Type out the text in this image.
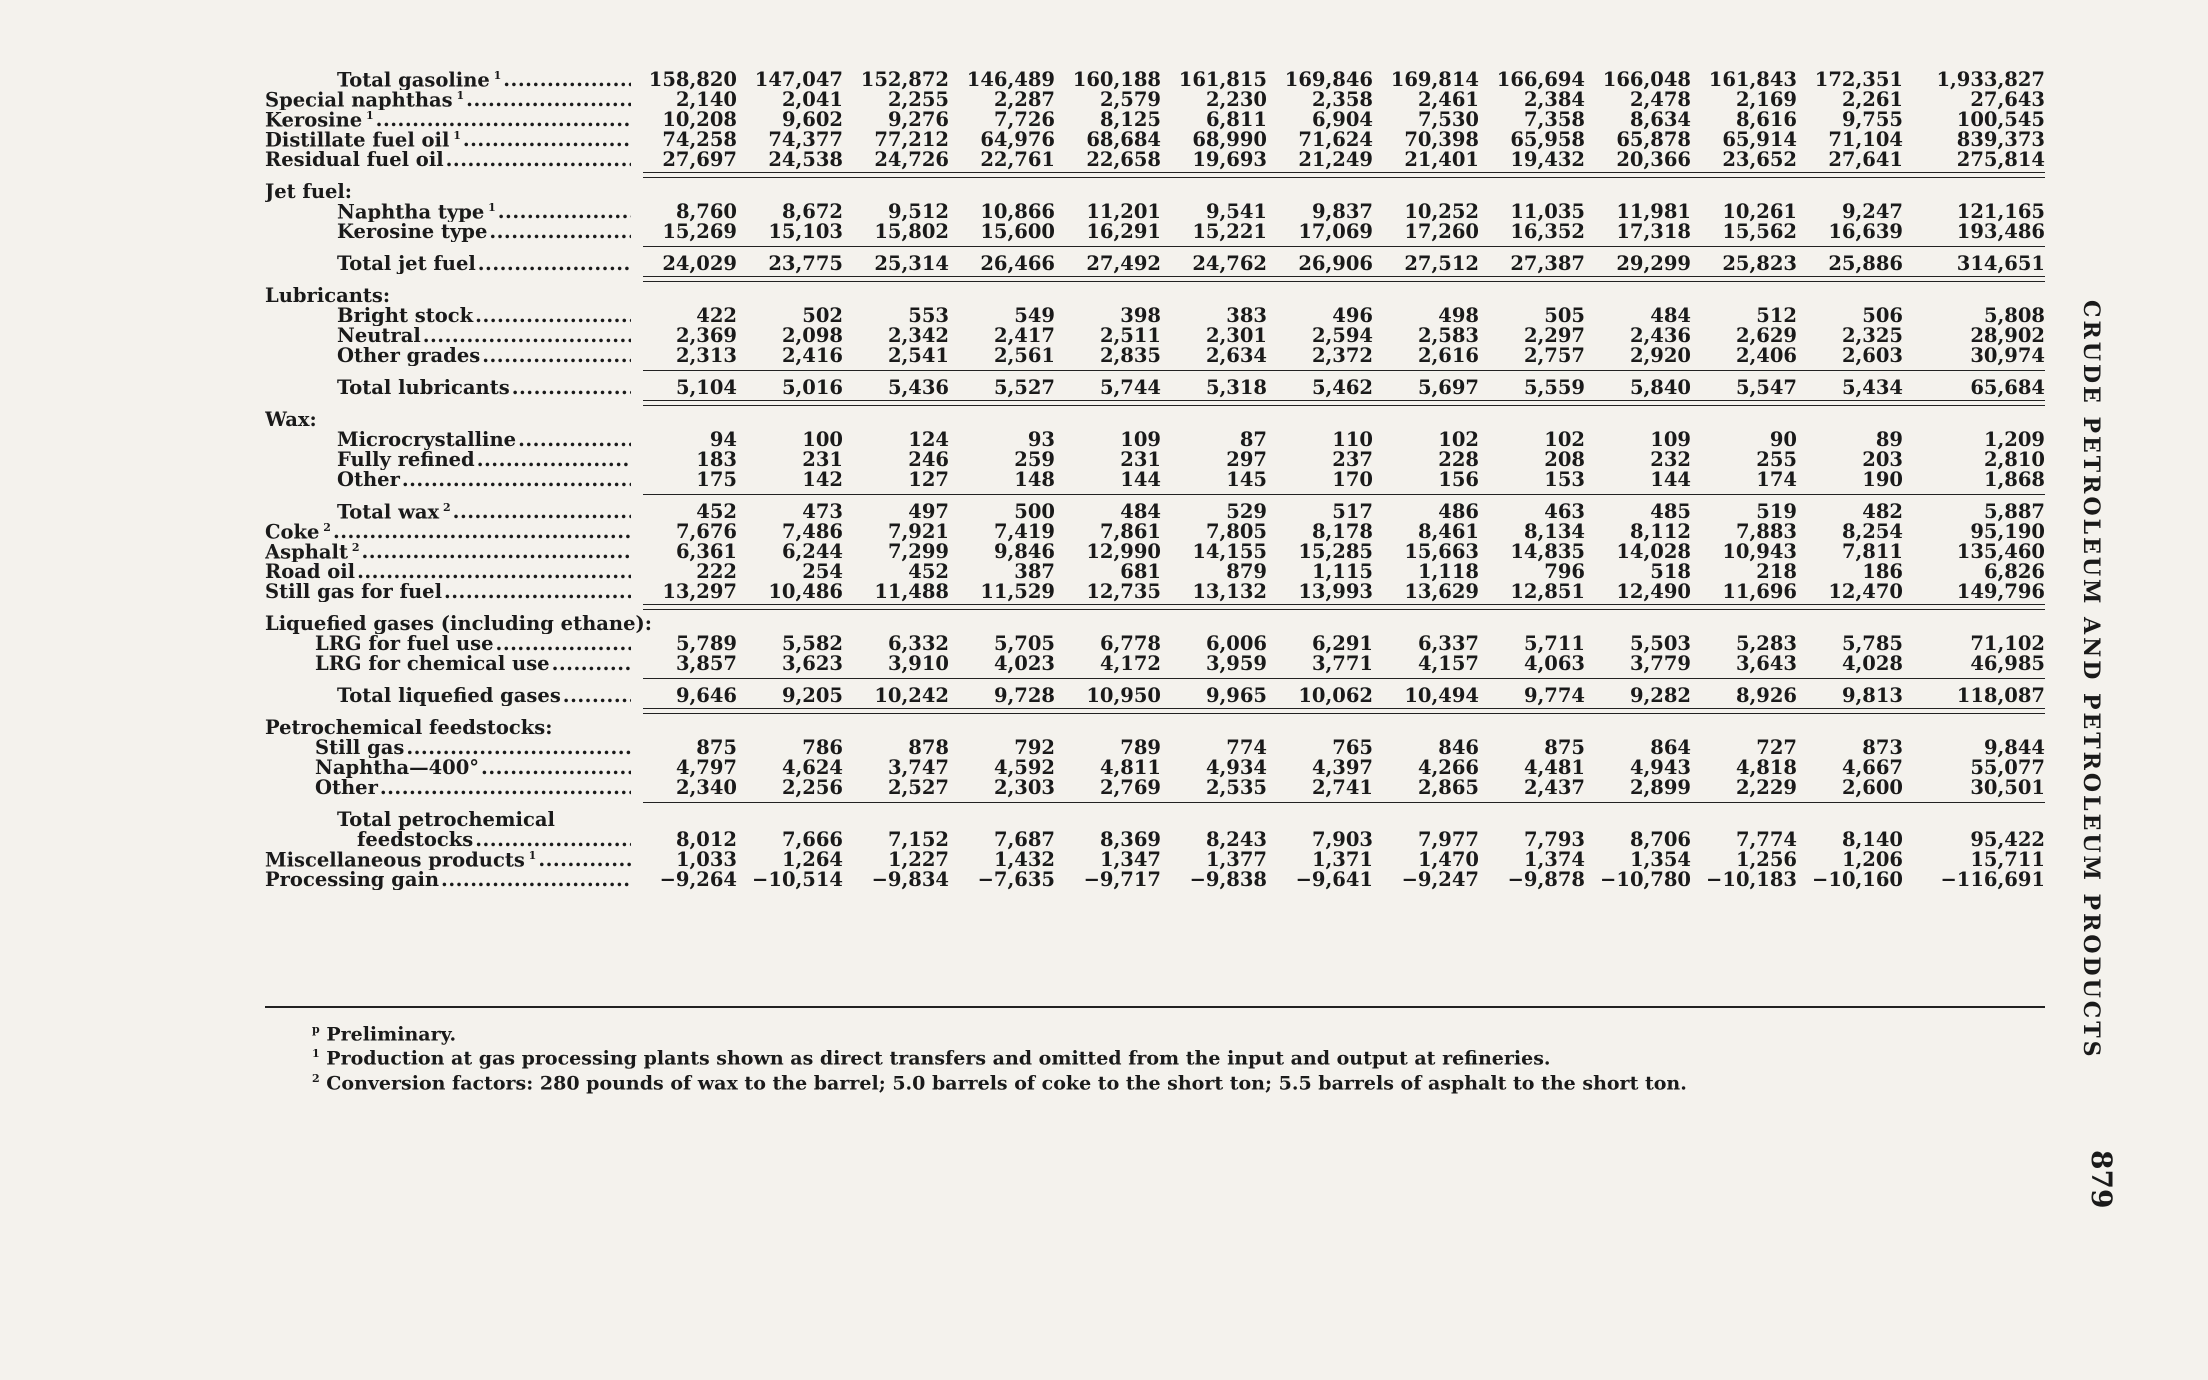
Total gasoline $^1$ .....	158,820 147,047 152,872 146,489 160,188 161,815 169,846 169,814 166,694 166,048 161,843 172,351	1,933,827
Special naphthas $^1$ .....	2,140	2,041	2,255	2,287	2,579	2,230	2,358	2,461	2,384	2,478	2,169	2,261	27,643
Kerosine $^1$ .....	10,208	9,602	9,276	7,726	8,125	6,811	6,904	7,530	7,358	8,634	8,616	9,755	100,545
Distillate fuel oil $^1$ .....	74,258	74,377	77,212	64,976	68,684	68,990	71,624	70,398	65,958	65,878	65,914	71,104	839,373
Residual fuel oil .....	27,697	24,538	24,726	22,761	22,658	19,693	21,249	21,401	19,432	20,366	23,652	27,641	275,814
Jet fuel:
Naphtha type $^1$ .....	8,760	8,672	9,512	10,866	11,201	9,541	9,837	10,252	11,035	11,981	10,261	9,247	121,165
Kerosine type .....	15,269	15,103	15,802	15,600	16,291	15,221	17,069	17,260	16,352	17,318	15,562	16,639	193,486
Total jet fuel .....	24,029	23,775	25,314	26,466	27,492	24,762	26,906	27,512	27,387	29,299	25,823	25,886	314,651
Lubricants:
Bright stock .....	422	502	553	549	398	383	496	498	505	484	512	506	5,808
Neutral .....	2,369	2,098	2,342	2,417	2,511	2,301	2,594	2,583	2,297	2,436	2,629	2,325	28,902
Other grades .....	2,313	2,416	2,541	2,561	2,835	2,634	2,372	2,616	2,757	2,920	2,406	2,603	30,974
Total lubricants .....	5,104	5,016	5,436	5,527	5,744	5,318	5,462	5,697	5,559	5,840	5,547	5,434	65,684
Wax:
Microcrystalline .....	94	100	124	93	109	87	110	102	102	109	90	89	1,209
Fully refined .....	183	231	246	259	231	297	237	228	208	232	255	203	2,810
Other .....	175	142	127	148	144	145	170	156	153	144	174	190	1,868
Total wax $^2$ .....	452	473	497	500	484	529	517	486	463	485	519	482	5,887
Coke $^2$ .....	7,676	7,486	7,921	7,419	7,861	7,805	8,178	8,461	8,134	8,112	7,883	8,254	95,190
Asphalt $^2$ .....	6,361	6,244	7,299	9,846	12,990	14,155	15,285	15,663	14,835	14,028	10,943	7,811	135,460
Road oil .....	222	254	452	387	681	879	1,115	1,118	796	518	218	186	6,826
Still gas for fuel .....	13,297	10,486	11,488	11,529	12,735	13,132	13,993	13,629	12,851	12,490	11,696	12,470	149,796
Liquefied gases (including ethane):
LRG for fuel use .....	5,789	5,582	6,332	5,705	6,778	6,006	6,291	6,337	5,711	5,503	5,283	5,785	71,102
LRG for chemical use .....	3,857	3,623	3,910	4,023	4,172	3,959	3,771	4,157	4,063	3,779	3,643	4,028	46,985
Total liquefied gases .....	9,646	9,205	10,242	9,728	10,950	9,965	10,062	10,494	9,774	9,282	8,926	9,813	118,087
Petrochemical feedstocks:
Still gas .....	875	786	878	792	789	774	765	846	875	864	727	873	9,844
Naphtha—400° .....	4,797	4,624	3,747	4,592	4,811	4,934	4,397	4,266	4,481	4,943	4,818	4,667	55,077
Other .....	2,340	2,256	2,527	2,303	2,769	2,535	2,741	2,865	2,437	2,899	2,229	2,600	30,501
Total petrochemical
feedstocks .....	8,012	7,666	7,152	7,687	8,369	8,243	7,903	7,977	7,793	8,706	7,774	8,140	95,422
Miscellaneous products $^1$ .....	1,033	1,264	1,227	1,432	1,347	1,377	1,371	1,470	1,374	1,354	1,256	1,206	15,711
Processing gain .....	−9,264 −10,514	−9,834	−7,635	−9,717	−9,838	−9,641	−9,247	−9,878 −10,780 −10,183 −10,160	−116,691
$^p$ Preliminary.
$^1$ Production at gas processing plants shown as direct transfers and omitted from the input and output at refineries.
$^2$ Conversion factors: 280 pounds of wax to the barrel; 5.0 barrels of coke to the short ton; 5.5 barrels of asphalt to the short ton.
CRUDE PETROLEUM AND PETROLEUM PRODUCTS
879
